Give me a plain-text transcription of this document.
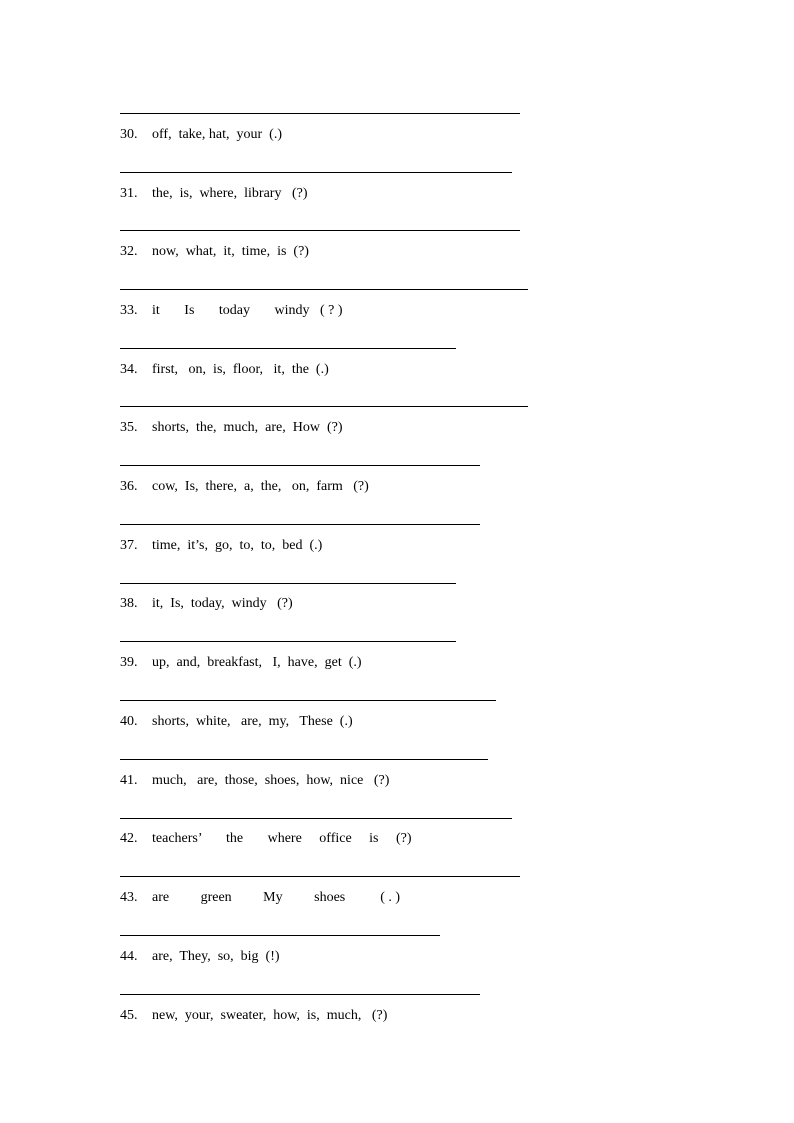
30. off,  take, hat,  your  (.)
31. the,  is,  where,  library   (?)
32. now,  what,  it,  time,  is  (?)
33. it       Is       today       windy   ( ? )
34. first,   on,  is,  floor,   it,  the  (.)
35. shorts,  the,  much,  are,  How  (?)
36. cow,  Is,  there,  a,  the,   on,  farm   (?)
37. time,  it’s,  go,  to,  to,  bed  (.)
38. it,  Is,  today,  windy   (?)
39. up,  and,  breakfast,   I,  have,  get  (.)
40. shorts,  white,   are,  my,   These  (.)
41. much,   are,  those,  shoes,  how,  nice   (?)
42. teachers’       the       where     office     is     (?)
43. are         green         My         shoes          ( . )
44. are,  They,  so,  big  (!)
45. new,  your,  sweater,  how,  is,  much,   (?)
